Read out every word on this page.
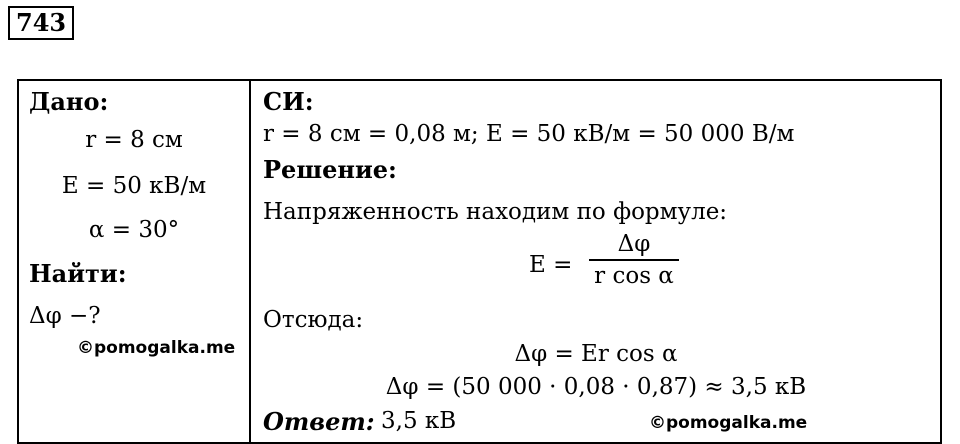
743
Дано:
r = 8 см
E = 50 кВ/м
α = 30°
Найти:
Δφ −?
©pomogalka.me
СИ:
r = 8 см = 0,08 м; E = 50 кВ/м = 50 000 В/м
Решение:
Напряженность находим по формуле:
E =
Δφ
r cos α
Отсюда:
Δφ = Er cos α
Δφ = (50 000 · 0,08 · 0,87) ≈ 3,5 кВ
Ответ: 3,5 кВ	©pomogalka.me
